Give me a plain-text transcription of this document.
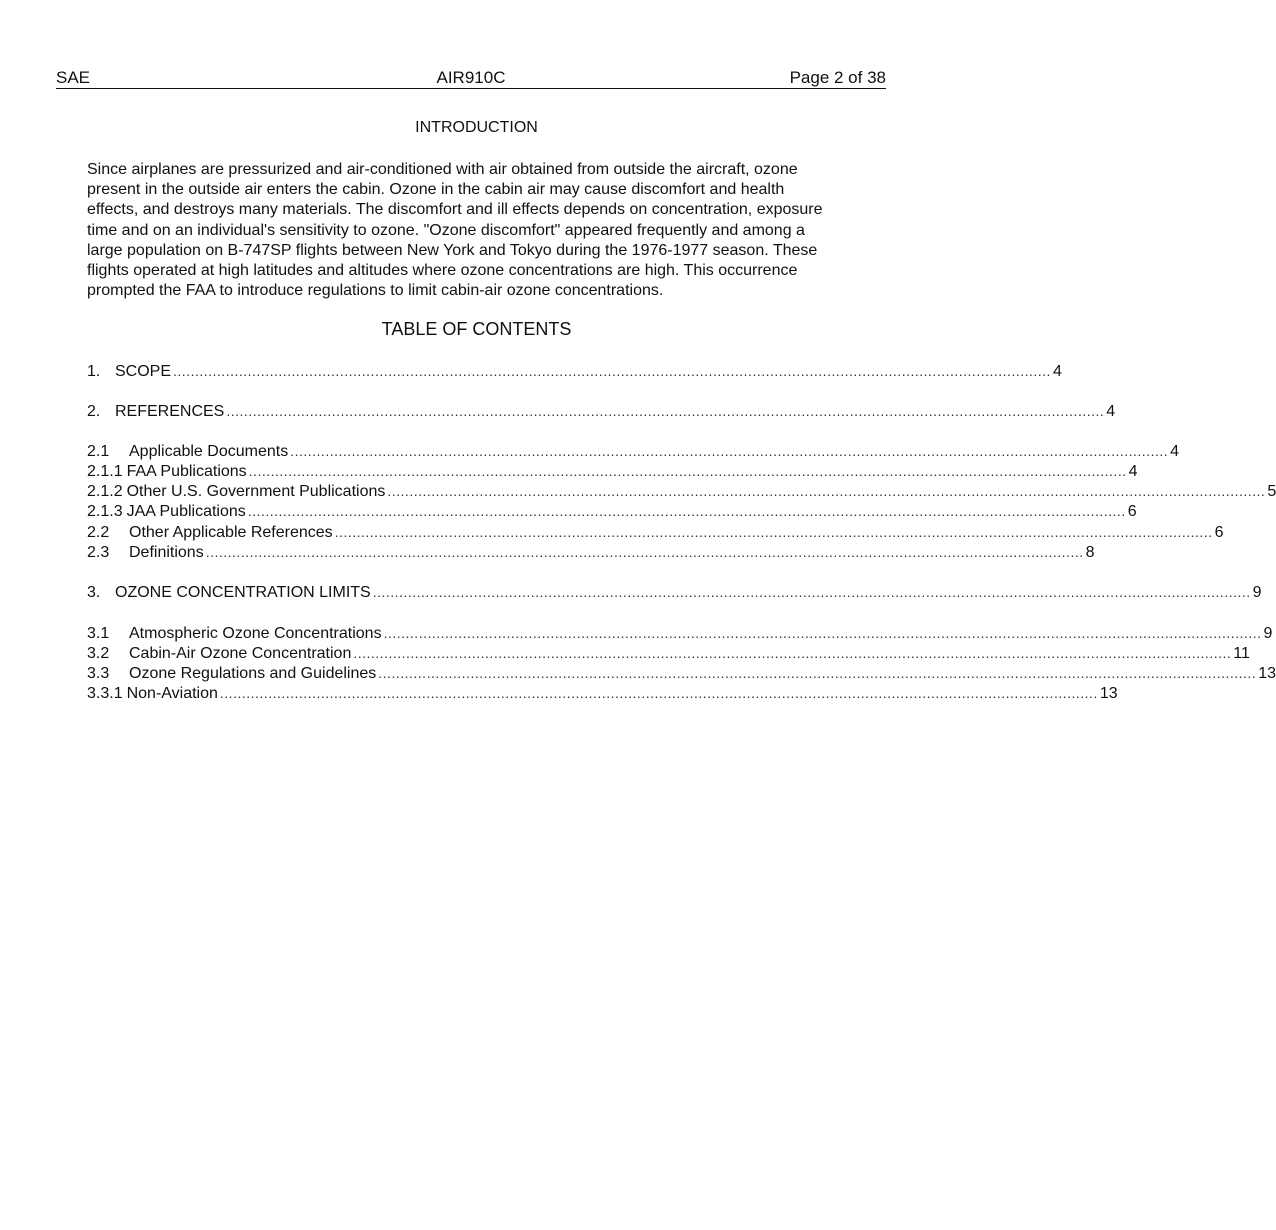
SAE	AIR910C	Page 2 of 38
INTRODUCTION
Since airplanes are pressurized and air-conditioned with air obtained from outside the aircraft, ozone
present in the outside air enters the cabin. Ozone in the cabin air may cause discomfort and health
effects, and destroys many materials. The discomfort and ill effects depends on concentration, exposure
time and on an individual's sensitivity to ozone. "Ozone discomfort" appeared frequently and among a
large population on B-747SP flights between New York and Tokyo during the 1976-1977 season. These
flights operated at high latitudes and altitudes where ozone concentrations are high. This occurrence
prompted the FAA to introduce regulations to limit cabin-air ozone concentrations.
TABLE OF CONTENTS
1. SCOPE ........................................................................................................................................................................................................ 4
2. REFERENCES ........................................................................................................................................................................................................ 4
2.1	Applicable Documents ........................................................................................................................................................................................................ 4
2.1.1 FAA Publications ........................................................................................................................................................................................................ 4
2.1.2 Other U.S. Government Publications ........................................................................................................................................................................................................ 5
2.1.3 JAA Publications ........................................................................................................................................................................................................ 6
2.2	Other Applicable References ........................................................................................................................................................................................................ 6
2.3	Definitions ........................................................................................................................................................................................................ 8
3. OZONE CONCENTRATION LIMITS ........................................................................................................................................................................................................ 9
3.1	Atmospheric Ozone Concentrations ........................................................................................................................................................................................................ 9
3.2	Cabin-Air Ozone Concentration ........................................................................................................................................................................................................ 11
3.3	Ozone Regulations and Guidelines ........................................................................................................................................................................................................ 13
3.3.1 Non-Aviation ........................................................................................................................................................................................................ 13
